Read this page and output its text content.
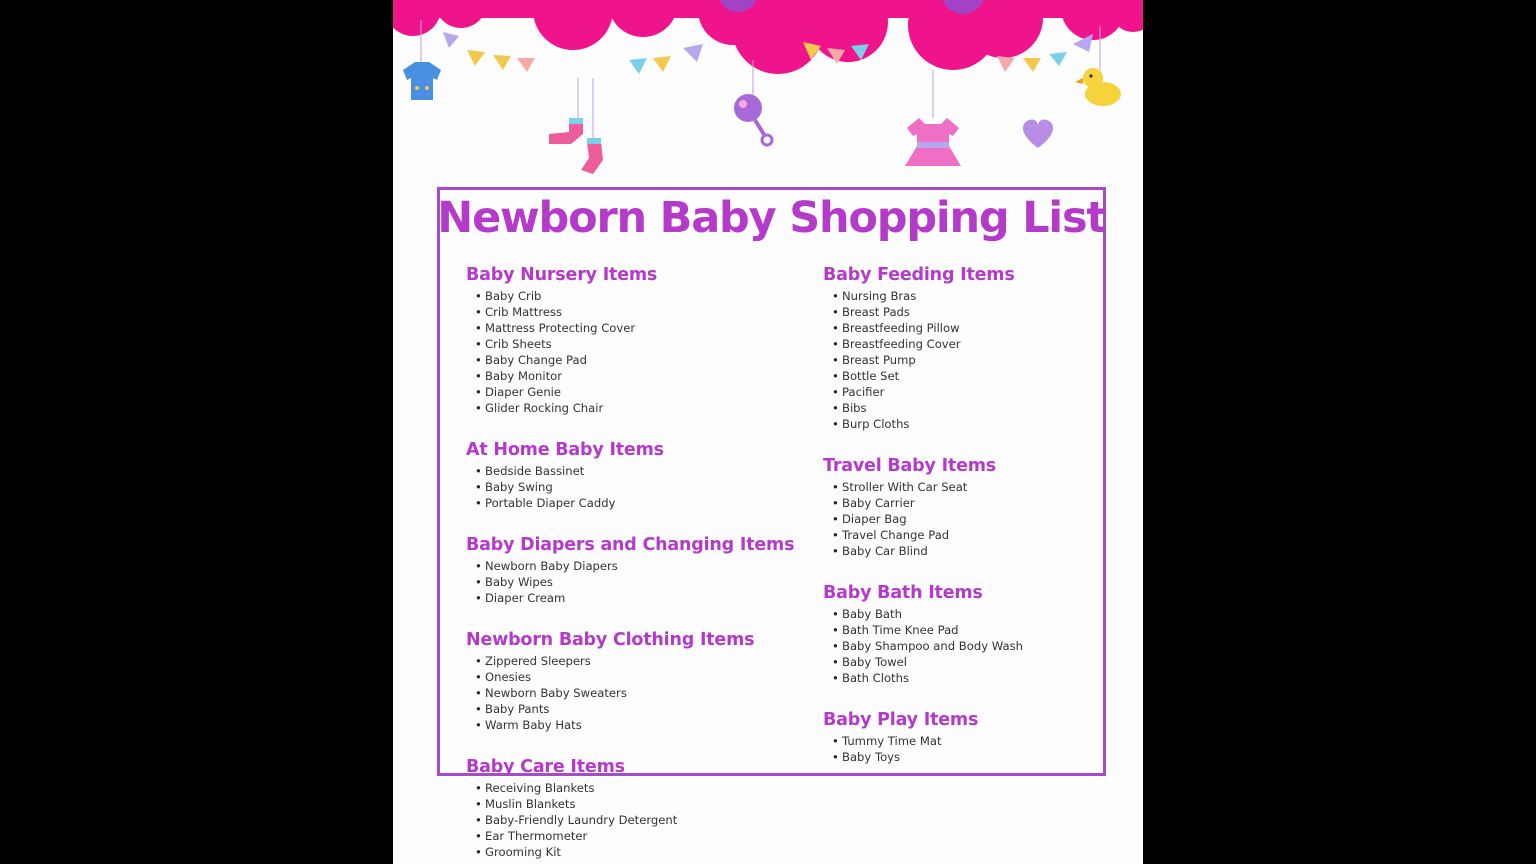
Newborn Baby Shopping List
Baby Nursery Items
• Baby Crib
• Crib Mattress
• Mattress Protecting Cover
• Crib Sheets
• Baby Change Pad
• Baby Monitor
• Diaper Genie
• Glider Rocking Chair
At Home Baby Items
• Bedside Bassinet
• Baby Swing
• Portable Diaper Caddy
Baby Diapers and Changing Items
• Newborn Baby Diapers
• Baby Wipes
• Diaper Cream
Newborn Baby Clothing Items
• Zippered Sleepers
• Onesies
• Newborn Baby Sweaters
• Baby Pants
• Warm Baby Hats
Baby Care Items
• Receiving Blankets
• Muslin Blankets
• Baby-Friendly Laundry Detergent
• Ear Thermometer
• Grooming Kit
Baby Feeding Items
• Nursing Bras
• Breast Pads
• Breastfeeding Pillow
• Breastfeeding Cover
• Breast Pump
• Bottle Set
• Pacifier
• Bibs
• Burp Cloths
Travel Baby Items
• Stroller With Car Seat
• Baby Carrier
• Diaper Bag
• Travel Change Pad
• Baby Car Blind
Baby Bath Items
• Baby Bath
• Bath Time Knee Pad
• Baby Shampoo and Body Wash
• Baby Towel
• Bath Cloths
Baby Play Items
• Tummy Time Mat
• Baby Toys
